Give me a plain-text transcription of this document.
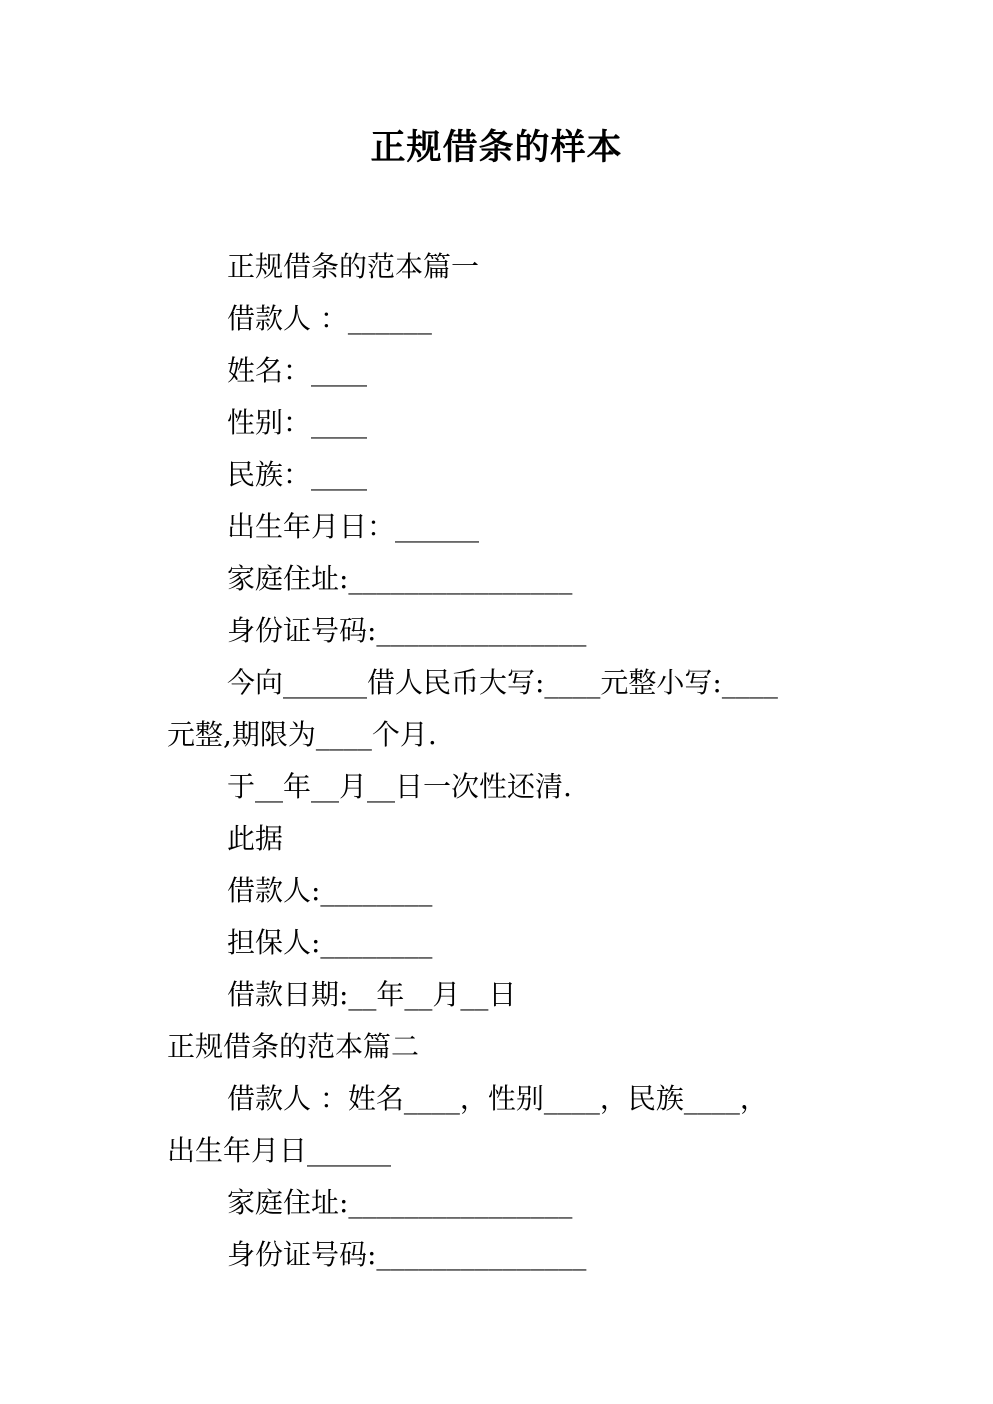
正规借条的样本
正规借条的范本篇一
借款人 ：______
姓名：____
性别：____
民族：____
出生年月日：______
家庭住址:________________
身份证号码:_______________
今向______借人民币大写:____元整小写:____
元整,期限为____个月.
于__年__月__日一次性还清.
此据
借款人:________
担保人:________
借款日期:__年__月__日
正规借条的范本篇二
借款人 ：姓名____，性别____，民族____，
出生年月日______
家庭住址:________________
身份证号码:_______________
